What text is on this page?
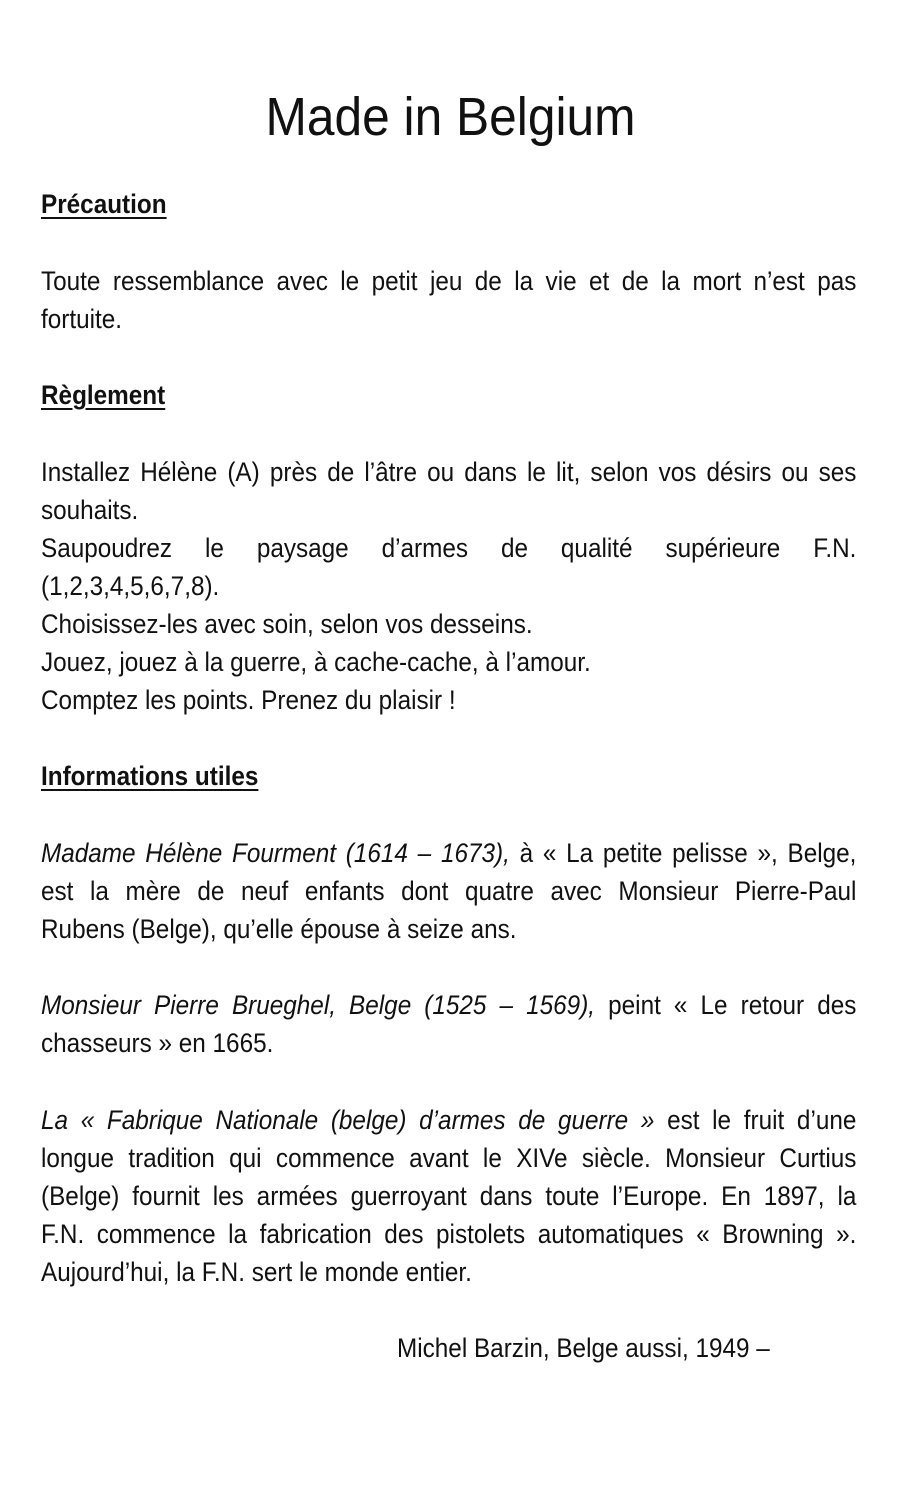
Made in Belgium
Précaution

Toute ressemblance avec le petit jeu de la vie et de la mort n’est pas
fortuite.

Règlement

Installez Hélène (A) près de l’âtre ou dans le lit, selon vos désirs ou ses
souhaits.
Saupoudrez le paysage d’armes de qualité supérieure F.N.
(1,2,3,4,5,6,7,8).
Choisissez-les avec soin, selon vos desseins.
Jouez, jouez à la guerre, à cache-cache, à l’amour.
Comptez les points. Prenez du plaisir !

Informations utiles

Madame Hélène Fourment (1614 – 1673), à « La petite pelisse », Belge,
est la mère de neuf enfants dont quatre avec Monsieur Pierre-Paul
Rubens (Belge), qu’elle épouse à seize ans.

Monsieur Pierre Brueghel, Belge (1525 – 1569), peint « Le retour des
chasseurs » en 1665.

La « Fabrique Nationale (belge) d’armes de guerre » est le fruit d’une
longue tradition qui commence avant le XIVe siècle. Monsieur Curtius
(Belge) fournit les armées guerroyant dans toute l’Europe. En 1897, la
F.N. commence la fabrication des pistolets automatiques « Browning ».
Aujourd’hui, la F.N. sert le monde entier.

Michel Barzin, Belge aussi, 1949 –
